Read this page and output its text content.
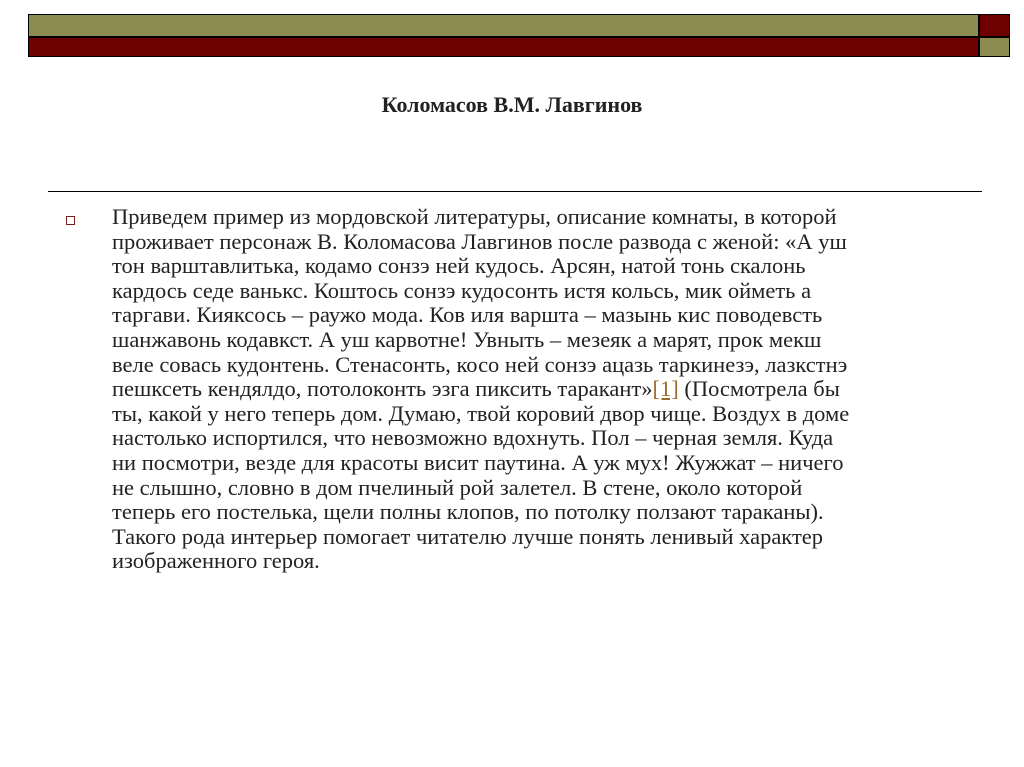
Коломасов В.М. Лавгинов
Приведем пример из мордовской литературы, описание комнаты, в которой
проживает персонаж В. Коломасова Лавгинов после развода с женой: «А уш
тон варштавлитька, кодамо сонзэ ней кудось. Арсян, натой тонь скалонь
кардось седе ванькс. Коштось сонзэ кудосонть истя кольсь, мик ойметь а
таргави. Кияксось – раужо мода. Ков иля варшта – мазынь кис поводевсть
шанжавонь кодавкст. А уш карвотне! Увныть – мезеяк а марят, прок мекш
веле совась кудонтень. Стенасонть, косо ней сонзэ ацазь таркинезэ, лазкстнэ
пешксеть кендялдо, потолоконть эзга пиксить таракант»[1] (Посмотрела бы
ты, какой у него теперь дом. Думаю, твой коровий двор чище. Воздух в доме
настолько испортился, что невозможно вдохнуть. Пол – черная земля. Куда
ни посмотри, везде для красоты висит паутина. А уж мух! Жужжат – ничего
не слышно, словно в дом пчелиный рой залетел. В стене, около которой
теперь его постелька, щели полны клопов, по потолку ползают тараканы).
Такого рода интерьер помогает читателю лучше понять ленивый характер
изображенного героя.
